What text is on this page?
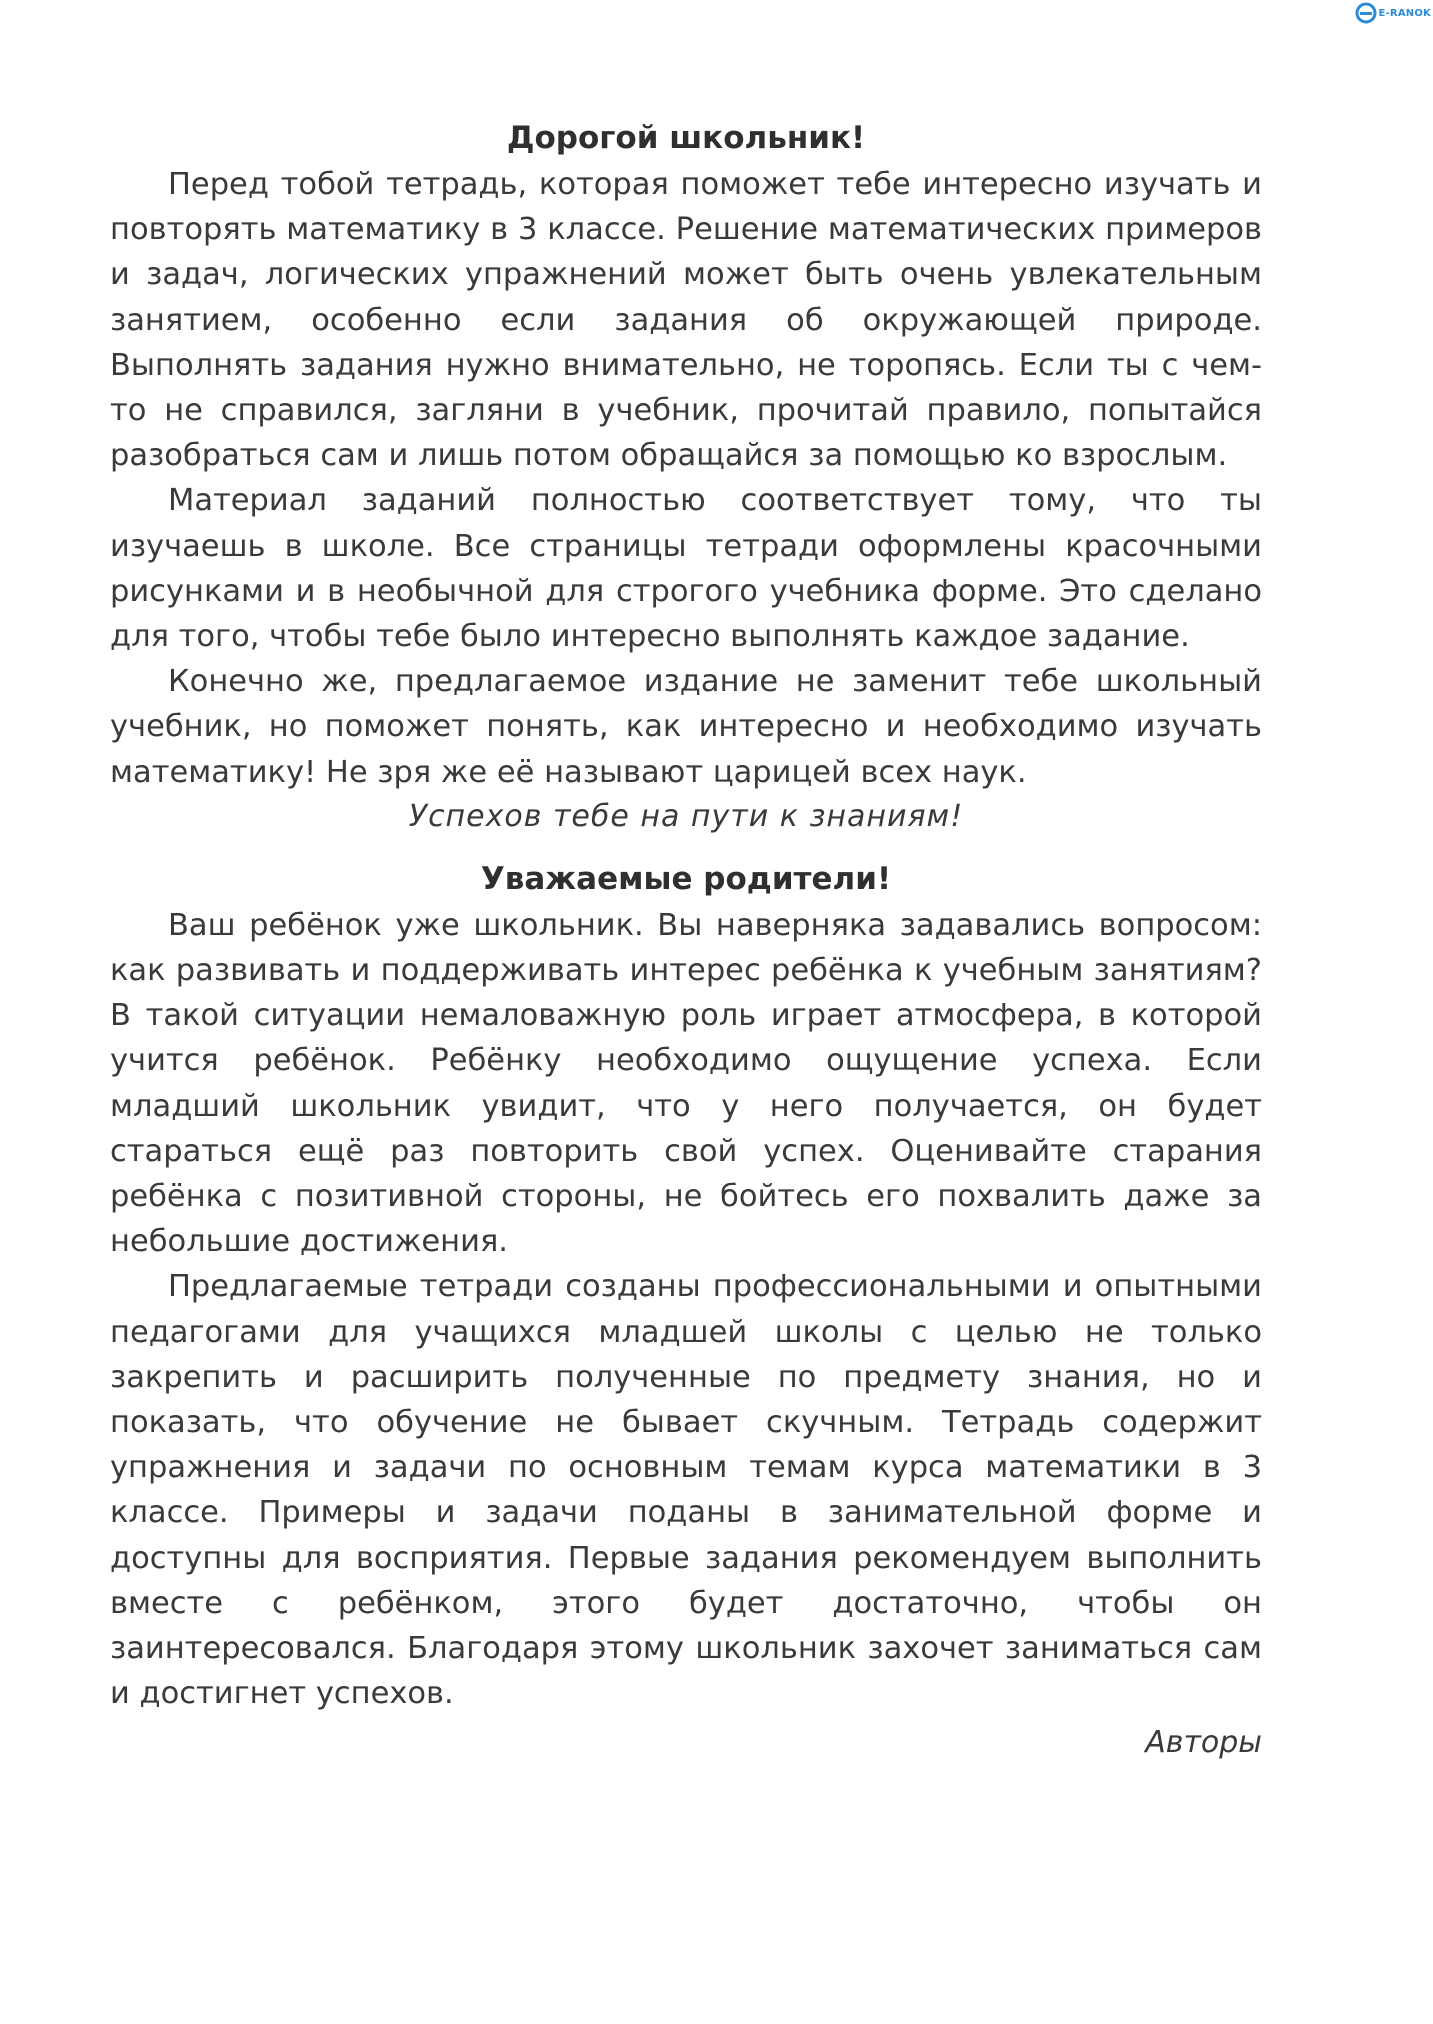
E-RANOK
Дорогой школьник!

Перед тобой тетрадь, которая поможет тебе интересно изучать и повторять математику в 3 классе. Решение математических примеров и задач, логических упражнений может быть очень увлекательным занятием, особенно если задания об окружающей природе. Выполнять задания нужно внимательно, не торопясь. Если ты с чем-то не справился, загляни в учебник, прочитай правило, попытайся разобраться сам и лишь потом обращайся за помощью ко взрослым.

Материал заданий полностью соответствует тому, что ты изучаешь в школе. Все страницы тетради оформлены красочными рисунками и в необычной для строгого учебника форме. Это сделано для того, чтобы тебе было интересно выполнять каждое задание.

Конечно же, предлагаемое издание не заменит тебе школьный учебник, но поможет понять, как интересно и необходимо изучать математику! Не зря же её называют царицей всех наук.

Успехов тебе на пути к знаниям!

Уважаемые родители!

Ваш ребёнок уже школьник. Вы наверняка задавались вопросом: как развивать и поддерживать интерес ребёнка к учебным занятиям? В такой ситуации немаловажную роль играет атмосфера, в которой учится ребёнок. Ребёнку необходимо ощущение успеха. Если младший школьник увидит, что у него получается, он будет стараться ещё раз повторить свой успех. Оценивайте старания ребёнка с позитивной стороны, не бойтесь его похвалить даже за небольшие достижения.

Предлагаемые тетради созданы профессиональными и опытными педагогами для учащихся младшей школы с целью не только закрепить и расширить полученные по предмету знания, но и показать, что обучение не бывает скучным. Тетрадь содержит упражнения и задачи по основным темам курса математики в 3 классе. Примеры и задачи поданы в занимательной форме и доступны для восприятия. Первые задания рекомендуем выполнить вместе с ребёнком, этого будет достаточно, чтобы он заинтересовался. Благодаря этому школьник захочет заниматься сам и достигнет успехов.

Авторы
